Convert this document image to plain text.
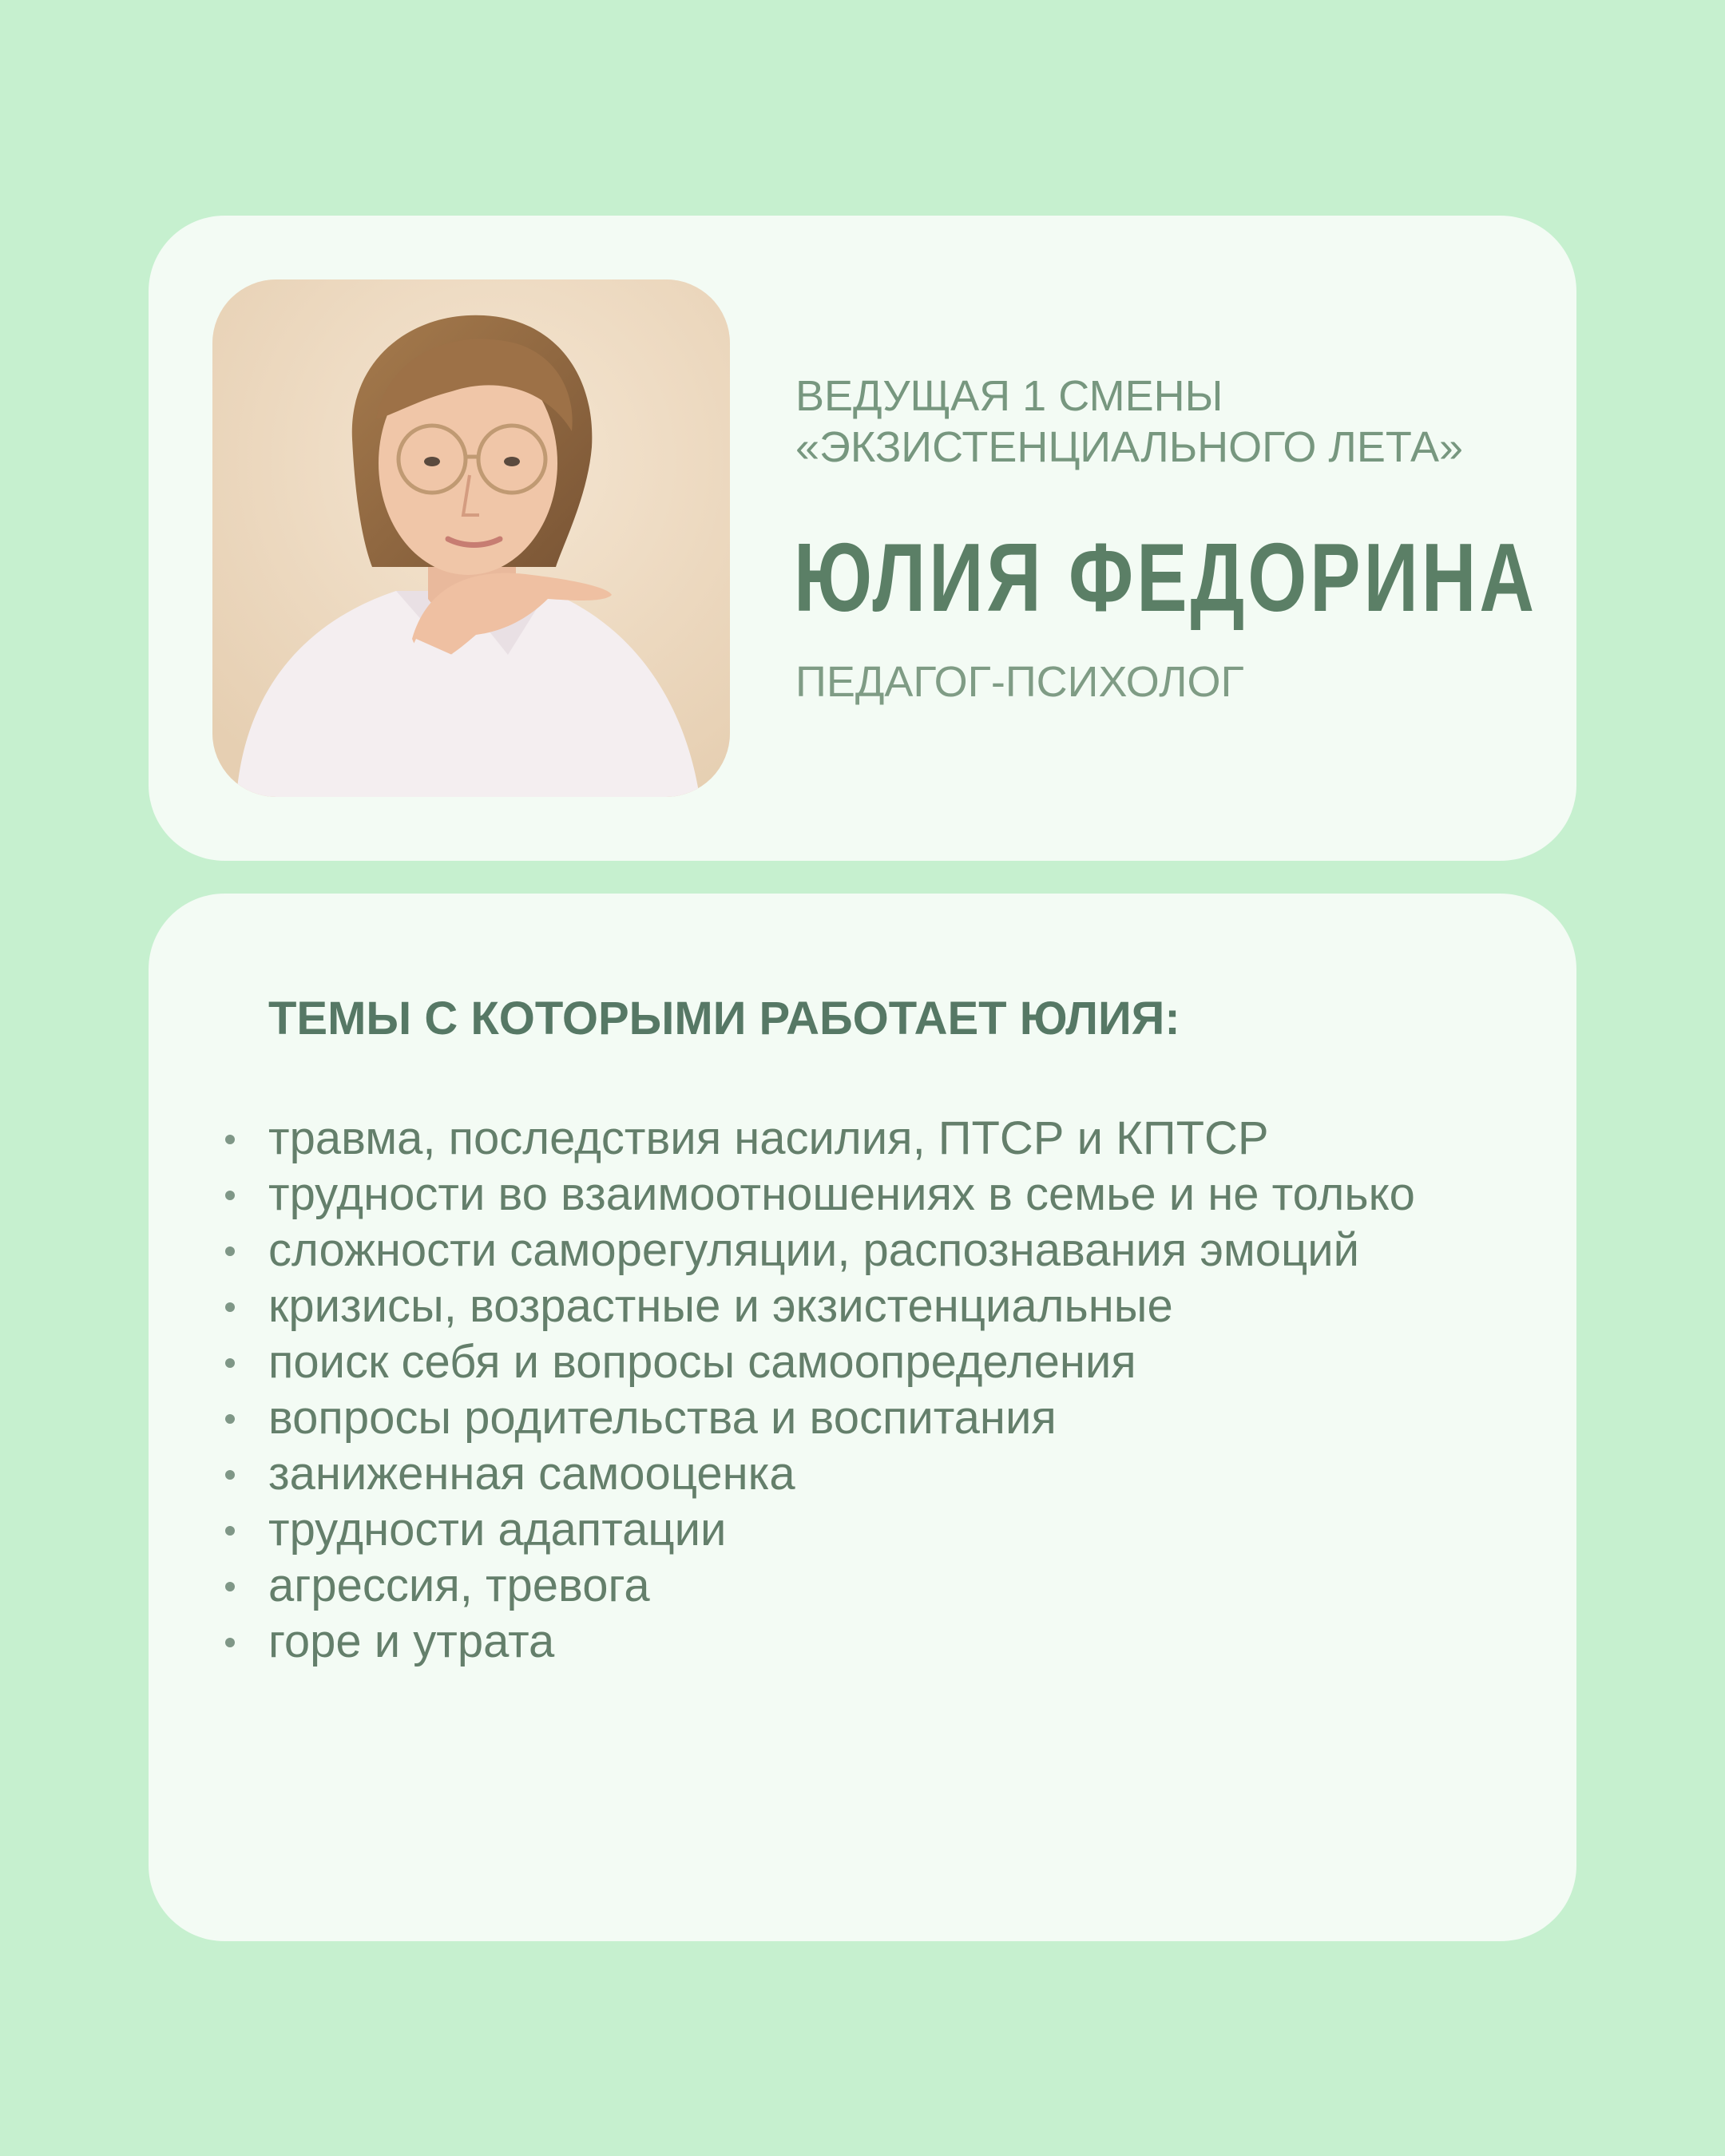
ВЕДУЩАЯ 1 СМЕНЫ
«ЭКЗИСТЕНЦИАЛЬНОГО ЛЕТА»
ЮЛИЯ ФЕДОРИНА
ПЕДАГОГ-ПСИХОЛОГ
ТЕМЫ С КОТОРЫМИ РАБОТАЕТ ЮЛИЯ:
травма, последствия насилия, ПТСР и КПТСР
трудности во взаимоотношениях в семье и не только
сложности саморегуляции, распознавания эмоций
кризисы, возрастные и экзистенциальные
поиск себя и вопросы самоопределения
вопросы родительства и воспитания
заниженная самооценка
трудности адаптации
агрессия, тревога
горе и утрата
